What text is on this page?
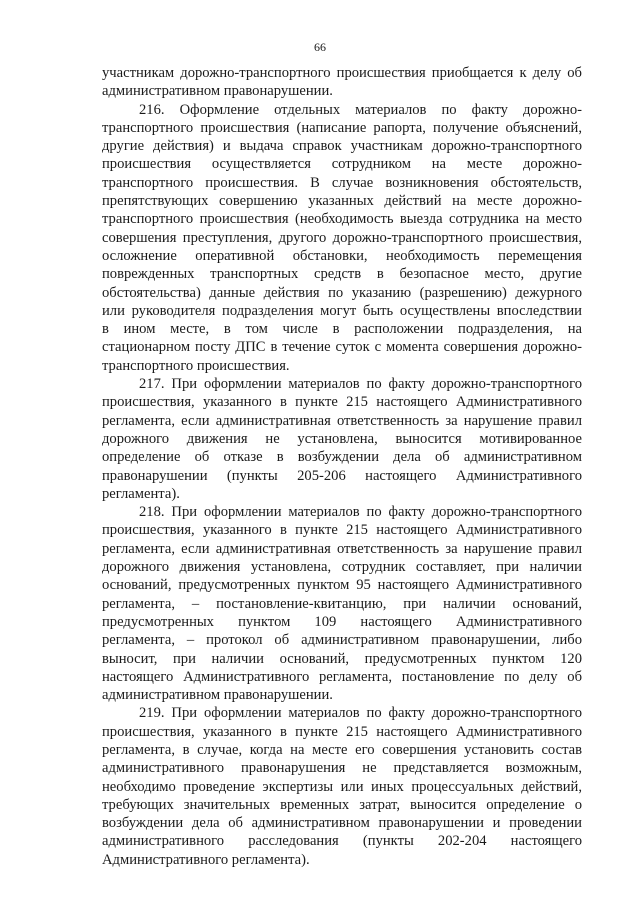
66
участникам дорожно-транспортного происшествия приобщается к делу об
административном правонарушении.
216. Оформление отдельных материалов по факту дорожно-
транспортного происшествия (написание рапорта, получение объяснений,
другие действия) и выдача справок участникам дорожно-транспортного
происшествия осуществляется сотрудником на месте дорожно-
транспортного происшествия. В случае возникновения обстоятельств,
препятствующих совершению указанных действий на месте дорожно-
транспортного происшествия (необходимость выезда сотрудника на место
совершения преступления, другого дорожно-транспортного происшествия,
осложнение оперативной обстановки, необходимость перемещения
поврежденных транспортных средств в безопасное место, другие
обстоятельства) данные действия по указанию (разрешению) дежурного
или руководителя подразделения могут быть осуществлены впоследствии
в ином месте, в том числе в расположении подразделения, на
стационарном посту ДПС в течение суток с момента совершения дорожно-
транспортного происшествия.
217. При оформлении материалов по факту дорожно-транспортного
происшествия, указанного в пункте 215 настоящего Административного
регламента, если административная ответственность за нарушение правил
дорожного движения не установлена, выносится мотивированное
определение об отказе в возбуждении дела об административном
правонарушении (пункты 205-206 настоящего Административного
регламента).
218. При оформлении материалов по факту дорожно-транспортного
происшествия, указанного в пункте 215 настоящего Административного
регламента, если административная ответственность за нарушение правил
дорожного движения установлена, сотрудник составляет, при наличии
оснований, предусмотренных пунктом 95 настоящего Административного
регламента, – постановление-квитанцию, при наличии оснований,
предусмотренных пунктом 109 настоящего Административного
регламента, – протокол об административном правонарушении, либо
выносит, при наличии оснований, предусмотренных пунктом 120
настоящего Административного регламента, постановление по делу об
административном правонарушении.
219. При оформлении материалов по факту дорожно-транспортного
происшествия, указанного в пункте 215 настоящего Административного
регламента, в случае, когда на месте его совершения установить состав
административного правонарушения не представляется возможным,
необходимо проведение экспертизы или иных процессуальных действий,
требующих значительных временных затрат, выносится определение о
возбуждении дела об административном правонарушении и проведении
административного расследования (пункты 202-204 настоящего
Административного регламента).
